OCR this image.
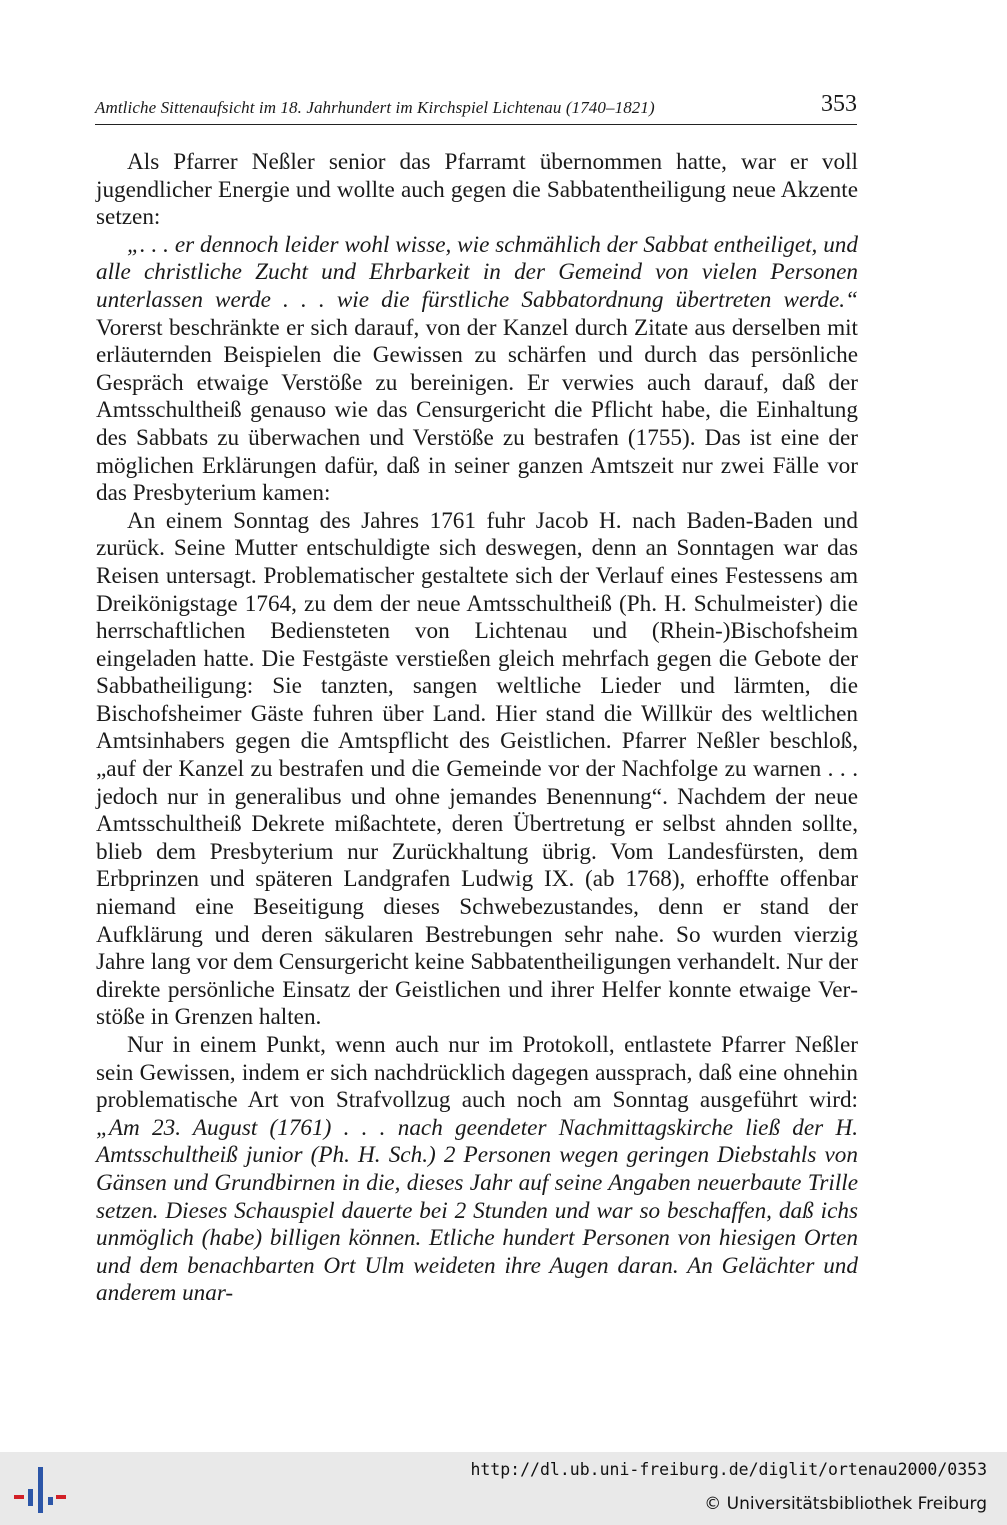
Amtliche Sittenaufsicht im 18. Jahrhundert im Kirchspiel Lichtenau (1740–1821)	353

Als Pfarrer Neßler senior das Pfarramt übernommen hatte, war er voll jugendlicher Energie und wollte auch gegen die Sabbatentheiligung neue Akzente setzen:

„. . . er dennoch leider wohl wisse, wie schmählich der Sabbat entheiliget, und alle christliche Zucht und Ehrbarkeit in der Gemeind von vielen Personen unterlassen werde . . . wie die fürstliche Sabbatordnung übertreten werde.“ Vorerst beschränkte er sich darauf, von der Kanzel durch Zitate aus derselben mit erläuternden Beispielen die Gewissen zu schärfen und durch das persönliche Gespräch etwaige Verstöße zu bereinigen. Er verwies auch darauf, daß der Amtsschultheiß genauso wie das Censurgericht die Pflicht habe, die Einhaltung des Sabbats zu überwachen und Verstöße zu bestrafen (1755). Das ist eine der möglichen Erklärungen dafür, daß in seiner ganzen Amtszeit nur zwei Fälle vor das Presbyterium kamen:

An einem Sonntag des Jahres 1761 fuhr Jacob H. nach Baden-Baden und zurück. Seine Mutter entschuldigte sich deswegen, denn an Sonntagen war das Reisen untersagt. Problematischer gestaltete sich der Verlauf eines Festessens am Dreikönigstage 1764, zu dem der neue Amtsschultheiß (Ph. H. Schulmeister) die herrschaftlichen Bediensteten von Lichtenau und (Rhein-)Bischofsheim eingeladen hatte. Die Festgäste verstießen gleich mehrfach gegen die Gebote der Sabbatheiligung: Sie tanzten, sangen weltliche Lieder und lärmten, die Bischofsheimer Gäste fuhren über Land. Hier stand die Willkür des weltlichen Amtsinhabers gegen die Amtspflicht des Geistlichen. Pfarrer Neßler beschloß, „auf der Kanzel zu bestrafen und die Gemeinde vor der Nachfolge zu warnen . . . jedoch nur in generalibus und ohne jemandes Benennung“. Nachdem der neue Amtsschultheiß Dekrete mißachtete, deren Übertretung er selbst ahnden sollte, blieb dem Presbyterium nur Zurückhaltung übrig. Vom Landesfürsten, dem Erbprinzen und späteren Landgrafen Ludwig IX. (ab 1768), erhoffte offenbar niemand eine Beseitigung dieses Schwebezustandes, denn er stand der Aufklärung und deren säkularen Bestrebungen sehr nahe. So wurden vierzig Jahre lang vor dem Censurgericht keine Sabbatentheiligungen verhandelt. Nur der direkte persönliche Einsatz der Geistlichen und ihrer Helfer konnte etwaige Verstöße in Grenzen halten.

Nur in einem Punkt, wenn auch nur im Protokoll, entlastete Pfarrer Neßler sein Gewissen, indem er sich nachdrücklich dagegen aussprach, daß eine ohnehin problematische Art von Strafvollzug auch noch am Sonntag ausgeführt wird: „Am 23. August (1761) . . . nach geendeter Nachmittagskirche ließ der H. Amtsschultheiß junior (Ph. H. Sch.) 2 Personen wegen geringen Diebstahls von Gänsen und Grundbirnen in die, dieses Jahr auf seine Angaben neuerbaute Trille setzen. Dieses Schauspiel dauerte bei 2 Stunden und war so beschaffen, daß ichs unmöglich (habe) billigen können. Etliche hundert Personen von hiesigen Orten und dem benachbarten Ort Ulm weideten ihre Augen daran. An Gelächter und anderem unar-

http://dl.ub.uni-freiburg.de/diglit/ortenau2000/0353
© Universitätsbibliothek Freiburg
